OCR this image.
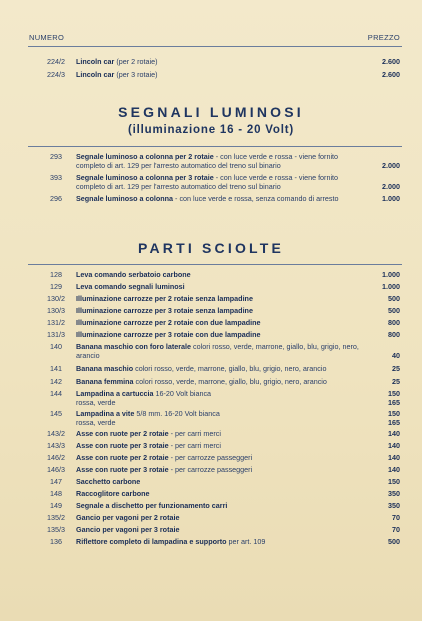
NUMERO	PREZZO
224/2	Lincoln car (per 2 rotaie)	2.600
224/3	Lincoln car (per 3 rotaie)	2.600
SEGNALI LUMINOSI
(illuminazione 16 - 20 Volt)
293	Segnale luminoso a colonna per 2 rotaie - con luce verde e rossa - viene fornito completo di art. 129 per l'arresto automatico del treno sul binario	2.000
393	Segnale luminoso a colonna per 3 rotaie - con luce verde e rossa - viene fornito completo di art. 129 per l'arresto automatico del treno sul binario	2.000
296	Segnale luminoso a colonna - con luce verde e rossa, senza comando di arresto	1.000
PARTI SCIOLTE
128	Leva comando serbatoio carbone	1.000
129	Leva comando segnali luminosi	1.000
130/2	Illuminazione carrozze per 2 rotaie senza lampadine	500
130/3	Illuminazione carrozze per 3 rotaie senza lampadine	500
131/2	Illuminazione carrozze per 2 rotaie con due lampadine	800
131/3	Illuminazione carrozze per 3 rotaie con due lampadine	800
140	Banana maschio con foro laterale colori rosso, verde, marrone, giallo, blu, grigio, nero, arancio	40
141	Banana maschio colori rosso, verde, marrone, giallo, blu, grigio, nero, arancio	25
142	Banana femmina colori rosso, verde, marrone, giallo, blu, grigio, nero, arancio	25
144	Lampadina a cartuccia 16-20 Volt bianca	150
rossa, verde	165
145	Lampadina a vite 5/8 mm. 16-20 Volt bianca	150
rossa, verde	165
143/2	Asse con ruote per 2 rotaie - per carri merci	140
143/3	Asse con ruote per 3 rotaie - per carri merci	140
146/2	Asse con ruote per 2 rotaie - per carrozze passeggeri	140
146/3	Asse con ruote per 3 rotaie - per carrozze passeggeri	140
147	Sacchetto carbone	150
148	Raccoglitore carbone	350
149	Segnale a dischetto per funzionamento carri	350
135/2	Gancio per vagoni per 2 rotaie	70
135/3	Gancio per vagoni per 3 rotaie	70
136	Riflettore completo di lampadina e supporto per art. 109	500
